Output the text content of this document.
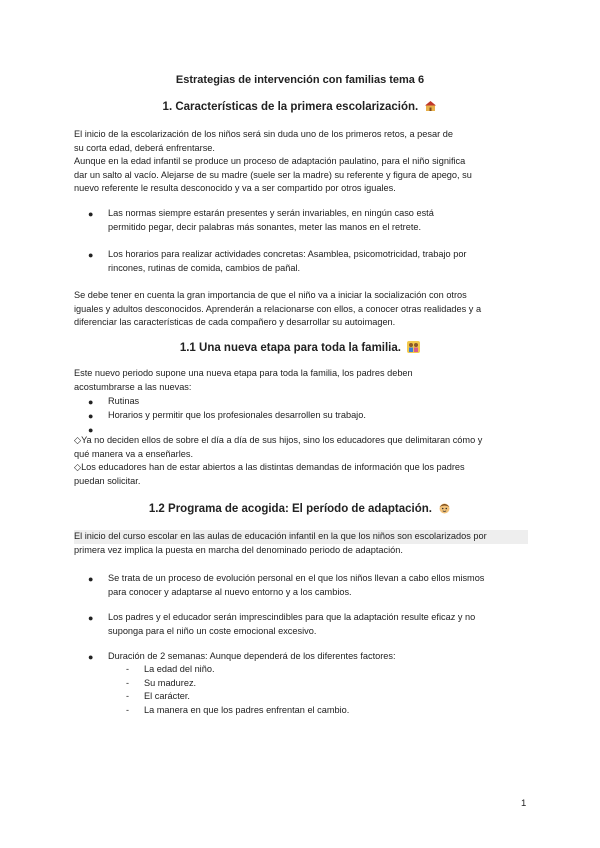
Estrategias de intervención con familias tema 6
1. Características de la primera escolarización.
El inicio de la escolarización de los niños será sin duda uno de los primeros retos, a pesar de
su corta edad, deberá enfrentarse.
Aunque en la edad infantil se produce un proceso de adaptación paulatino, para el niño significa
dar un salto al vacío. Alejarse de su madre (suele ser la madre) su referente y figura de apego, su
nuevo referente le resulta desconocido y va a ser compartido por otros iguales.
● Las normas siempre estarán presentes y serán invariables, en ningún caso está
permitido pegar, decir palabras más sonantes, meter las manos en el retrete.
● Los horarios para realizar actividades concretas: Asamblea, psicomotricidad, trabajo por
rincones, rutinas de comida, cambios de pañal.
Se debe tener en cuenta la gran importancia de que el niño va a iniciar la socialización con otros
iguales y adultos desconocidos. Aprenderán a relacionarse con ellos, a conocer otras realidades y a
diferenciar las características de cada compañero y desarrollar su autoimagen.
1.1 Una nueva etapa para toda la familia.
Este nuevo periodo supone una nueva etapa para toda la familia, los padres deben
acostumbrarse a las nuevas:
● Rutinas
● Horarios y permitir que los profesionales desarrollen su trabajo.
●
◇Ya no deciden ellos de sobre el día a día de sus hijos, sino los educadores que delimitaran cómo y
qué manera va a enseñarles.
◇Los educadores han de estar abiertos a las distintas demandas de información que los padres
puedan solicitar.
1.2 Programa de acogida: El período de adaptación.
El inicio del curso escolar en las aulas de educación infantil en la que los niños son escolarizados por
primera vez implica la puesta en marcha del denominado periodo de adaptación.
● Se trata de un proceso de evolución personal en el que los niños llevan a cabo ellos mismos
para conocer y adaptarse al nuevo entorno y a los cambios.
● Los padres y el educador serán imprescindibles para que la adaptación resulte eficaz y no
suponga para el niño un coste emocional excesivo.
● Duración de 2 semanas: Aunque dependerá de los diferentes factores:
- La edad del niño.
- Su madurez.
- El carácter.
- La manera en que los padres enfrentan el cambio.
1
